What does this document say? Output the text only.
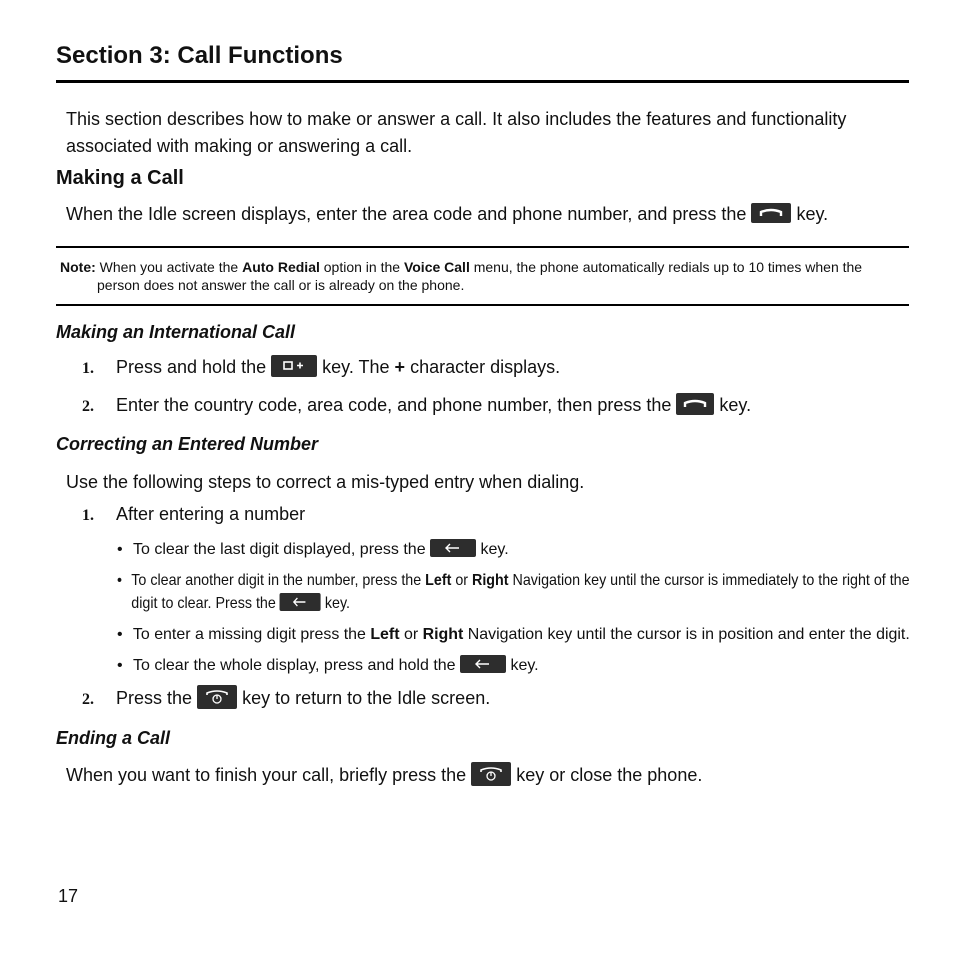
Section 3: Call Functions
This section describes how to make or answer a call. It also includes the features and functionality associated with making or answering a call.
Making a Call
When the Idle screen displays, enter the area code and phone number, and press the	key.
Note: When you activate the Auto Redial option in the Voice Call menu, the phone automatically redials up to 10 times when the
person does not answer the call or is already on the phone.
Making an International Call
1. Press and hold the	key. The + character displays.
2. Enter the country code, area code, and phone number, then press the	key.
Correcting an Entered Number
Use the following steps to correct a mis-typed entry when dialing.
1. After entering a number
• To clear the last digit displayed, press the	key.
• To clear another digit in the number, press the Left or Right Navigation key until the cursor is immediately to the right of the
digit to clear. Press the	key.
• To enter a missing digit press the Left or Right Navigation key until the cursor is in position and enter the digit.
• To clear the whole display, press and hold the	key.
2. Press the	key to return to the Idle screen.
Ending a Call
When you want to finish your call, briefly press the	key or close the phone.
17
